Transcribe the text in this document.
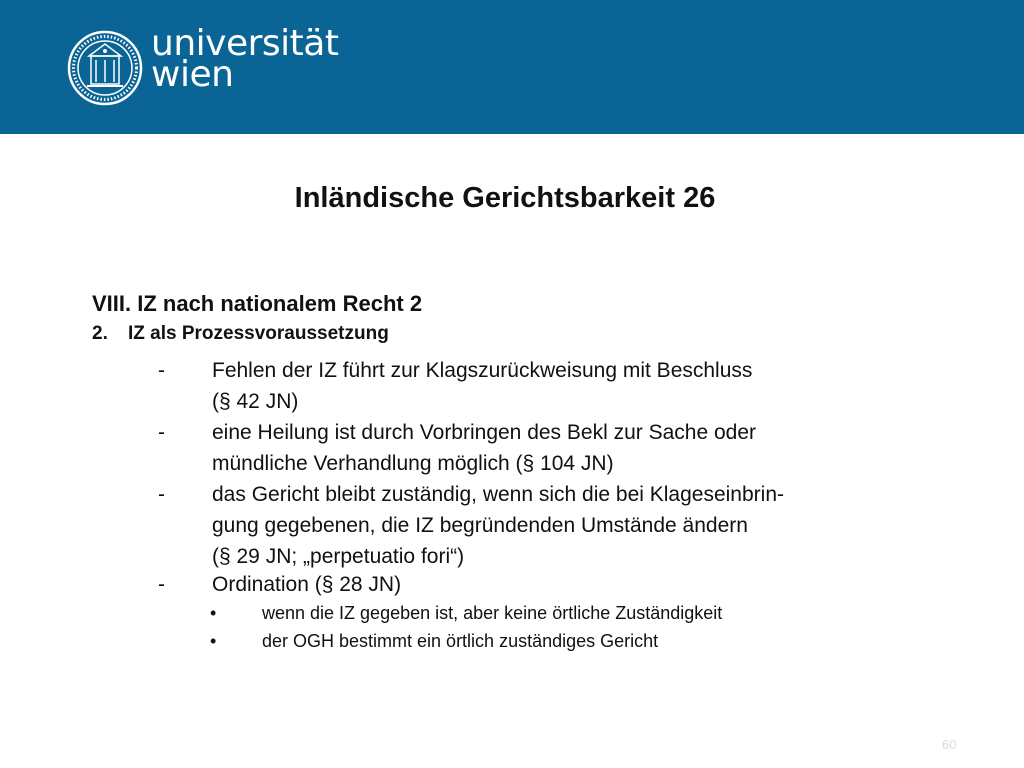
universität
wien
Inländische Gerichtsbarkeit 26
VIII. IZ nach nationalem Recht 2
2. IZ als Prozessvoraussetzung
-	Fehlen der IZ führt zur Klagszurückweisung mit Beschluss
(§ 42 JN)
-	eine Heilung ist durch Vorbringen des Bekl zur Sache oder
mündliche Verhandlung möglich (§ 104 JN)
-	das Gericht bleibt zuständig, wenn sich die bei Klageseinbrin-
gung gegebenen, die IZ begründenden Umstände ändern
(§ 29 JN; „perpetuatio fori“)
-	Ordination (§ 28 JN)
•	wenn die IZ gegeben ist, aber keine örtliche Zuständigkeit
•	der OGH bestimmt ein örtlich zuständiges Gericht
60
